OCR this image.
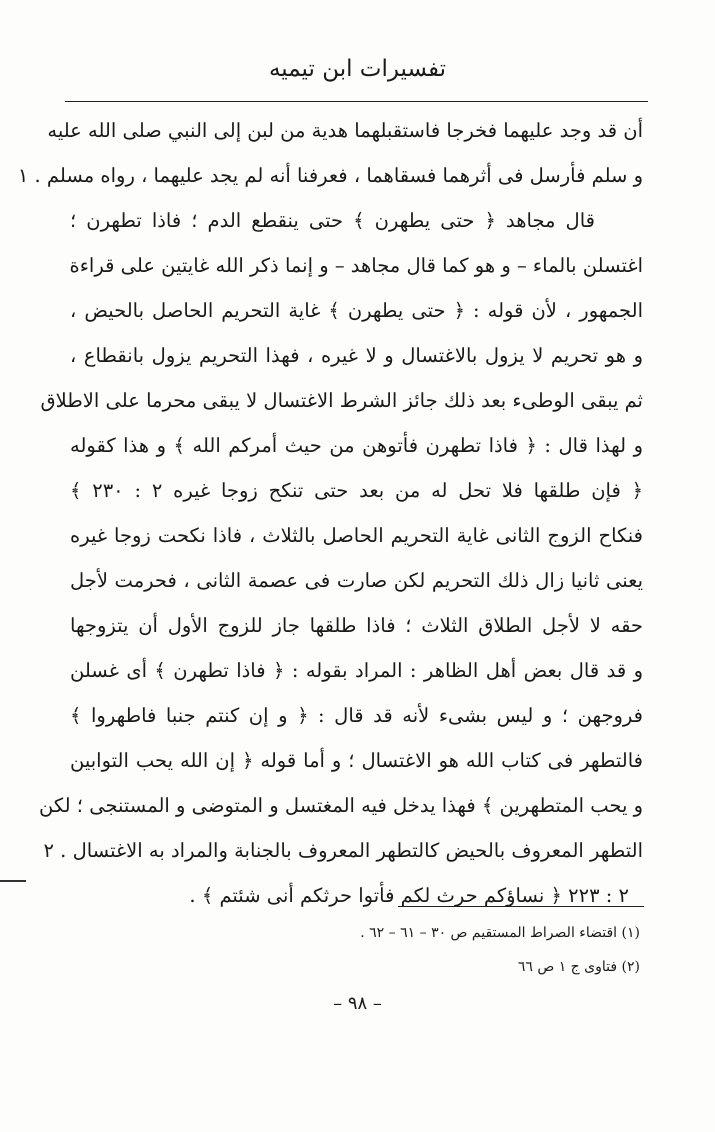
تفسيرات ابن تيميه
أن قد وجد عليهما فخرجا فاستقبلهما هدية من لبن إلى النبي صلى الله عليه
و سلم فأرسل فى أثرهما فسقاهما ، فعرفنا أنه لم يجد عليهما ، رواه مسلم . ١
قال مجاهد ﴿ حتى يطهرن ﴾ حتى ينقطع الدم ؛ فاذا تطهرن ؛
اغتسلن بالماء – و هو كما قال مجاهد – و إنما ذكر الله غايتين على قراءة
الجمهور ، لأن قوله : ﴿ حتى يطهرن ﴾ غاية التحريم الحاصل بالحيض ،
و هو تحريم لا يزول بالاغتسال و لا غيره ، فهذا التحريم يزول بانقطاع ،
ثم يبقى الوطىء بعد ذلك جائز الشرط الاغتسال لا يبقى محرما على الاطلاق
و لهذا قال : ﴿ فاذا تطهرن فأتوهن من حيث أمركم الله ﴾ و هذا كقوله
﴿ فإن طلقها فلا تحل له من بعد حتى تنكح زوجا غيره ٢ : ٢٣٠ ﴾
فنكاح الزوج الثانى غاية التحريم الحاصل بالثلاث ، فاذا نكحت زوجا غيره
يعنى ثانيا زال ذلك التحريم لكن صارت فى عصمة الثانى ، فحرمت لأجل
حقه لا لأجل الطلاق الثلاث ؛ فاذا طلقها جاز للزوج الأول أن يتزوجها
و قد قال بعض أهل الظاهر : المراد بقوله : ﴿ فاذا تطهرن ﴾ أى غسلن
فروجهن ؛ و ليس بشىء لأنه قد قال : ﴿ و إن كنتم جنبا فاطهروا ﴾
فالتطهر فى كتاب الله هو الاغتسال ؛ و أما قوله ﴿ إن الله يحب التوابين
و يحب المتطهرين ﴾ فهذا يدخل فيه المغتسل و المتوضى و المستنجى ؛ لكن
التطهر المعروف بالحيض كالتطهر المعروف بالجنابة والمراد به الاغتسال . ٢
٢ : ٢٢٣ ﴿ نساؤكم حرث لكم فأتوا حرثكم أنى شئتم ﴾ .
(١) اقتضاء الصراط المستقيم ص ٣٠ – ٦١ – ٦٢ .
(٢) فتاوى ج ١ ص ٦٦
– ٩٨ –
